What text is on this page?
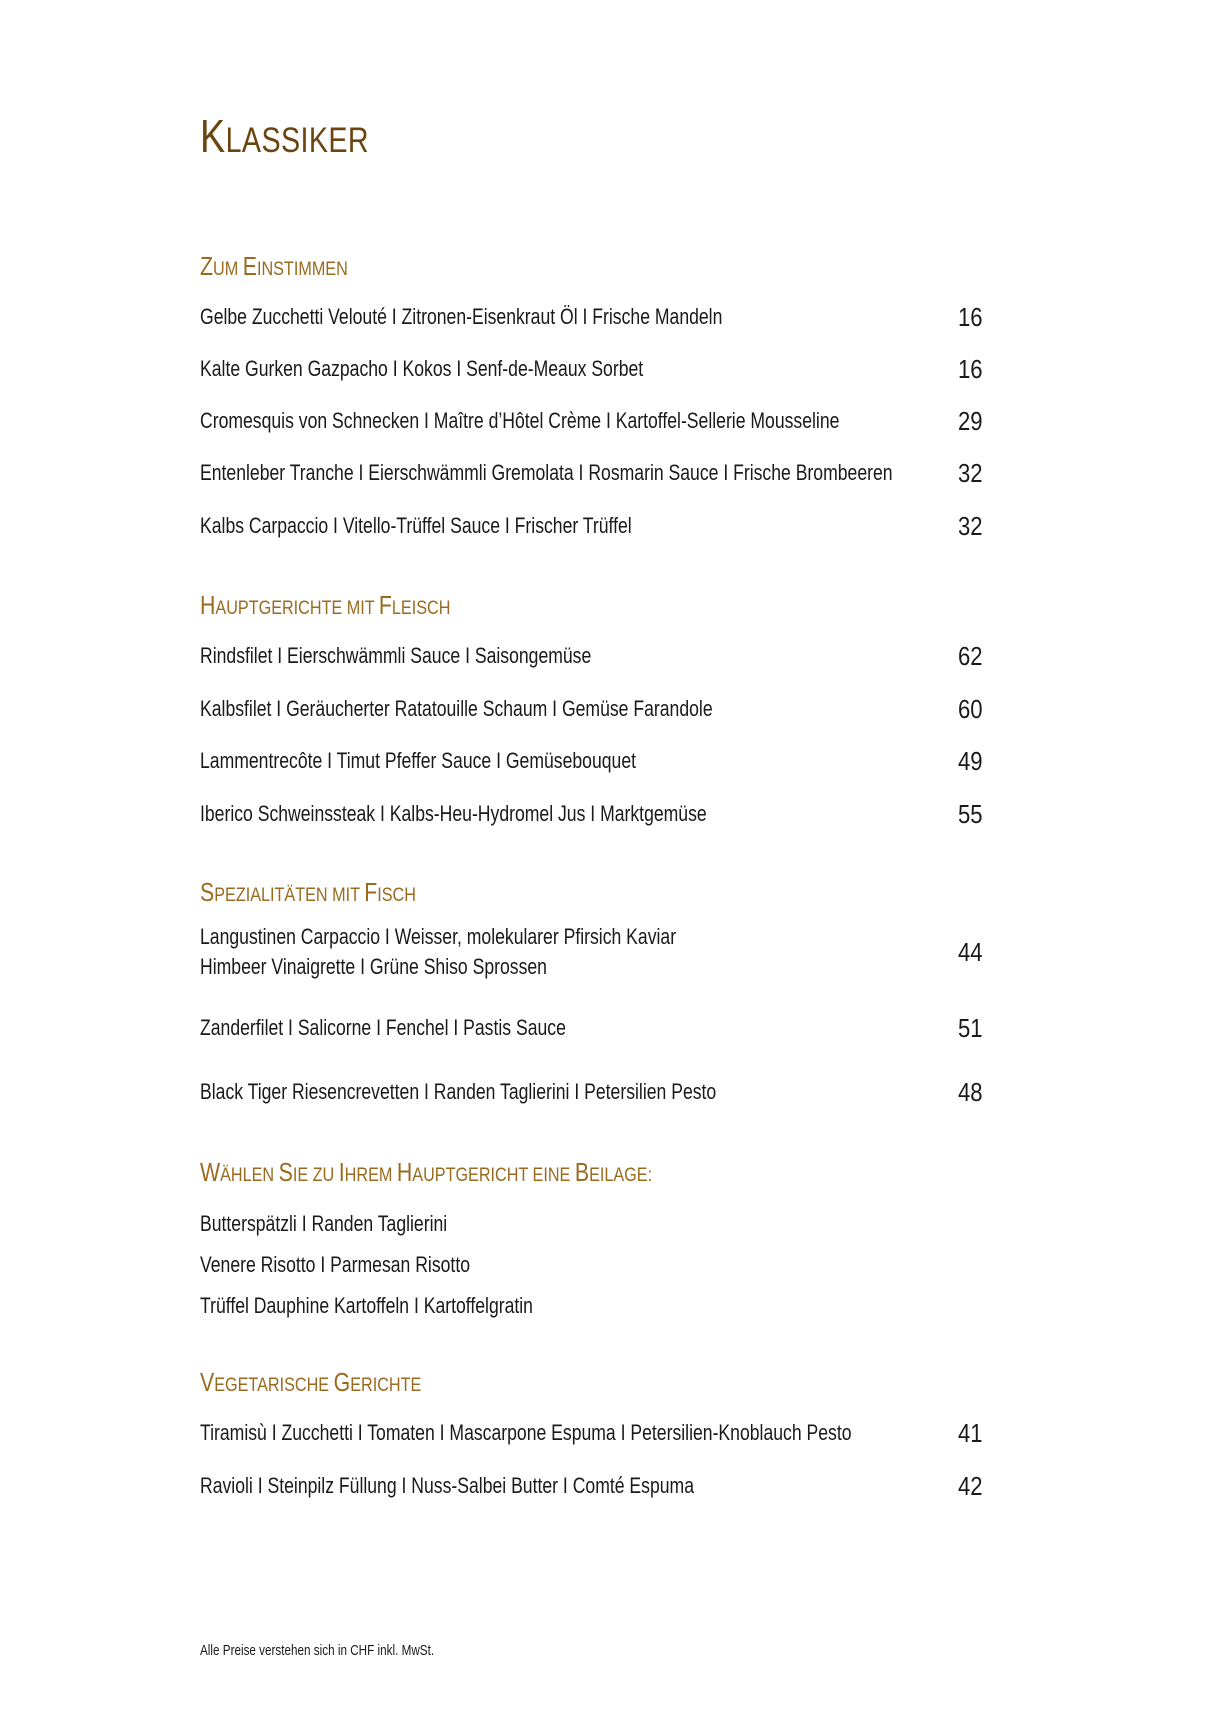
KLASSIKER
ZUM EINSTIMMEN
Gelbe Zucchetti Velouté I Zitronen-Eisenkraut Öl I Frische Mandeln	16
Kalte Gurken Gazpacho I Kokos I Senf-de-Meaux Sorbet	16
Cromesquis von Schnecken I Maître d’Hôtel Crème I Kartoffel-Sellerie Mousseline	29
Entenleber Tranche I Eierschwämmli Gremolata I Rosmarin Sauce I Frische Brombeeren	32
Kalbs Carpaccio I Vitello-Trüffel Sauce I Frischer Trüffel	32
HAUPTGERICHTE MIT FLEISCH
Rindsfilet I Eierschwämmli Sauce I Saisongemüse	62
Kalbsfilet I Geräucherter Ratatouille Schaum I Gemüse Farandole	60
Lammentrecôte I Timut Pfeffer Sauce I Gemüsebouquet	49
Iberico Schweinssteak I Kalbs-Heu-Hydromel Jus I Marktgemüse	55
SPEZIALITÄTEN MIT FISCH
Langustinen Carpaccio I Weisser, molekularer Pfirsich Kaviar
Himbeer Vinaigrette I Grüne Shiso Sprossen	44
Zanderfilet I Salicorne I Fenchel I Pastis Sauce	51
Black Tiger Riesencrevetten I Randen Taglierini I Petersilien Pesto	48
WÄHLEN SIE ZU IHREM HAUPTGERICHT EINE BEILAGE:
Butterspätzli I Randen Taglierini
Venere Risotto I Parmesan Risotto
Trüffel Dauphine Kartoffeln I Kartoffelgratin
VEGETARISCHE GERICHTE
Tiramisù I Zucchetti I Tomaten I Mascarpone Espuma I Petersilien-Knoblauch Pesto	41
Ravioli I Steinpilz Füllung I Nuss-Salbei Butter I Comté Espuma	42
Alle Preise verstehen sich in CHF inkl. MwSt.
